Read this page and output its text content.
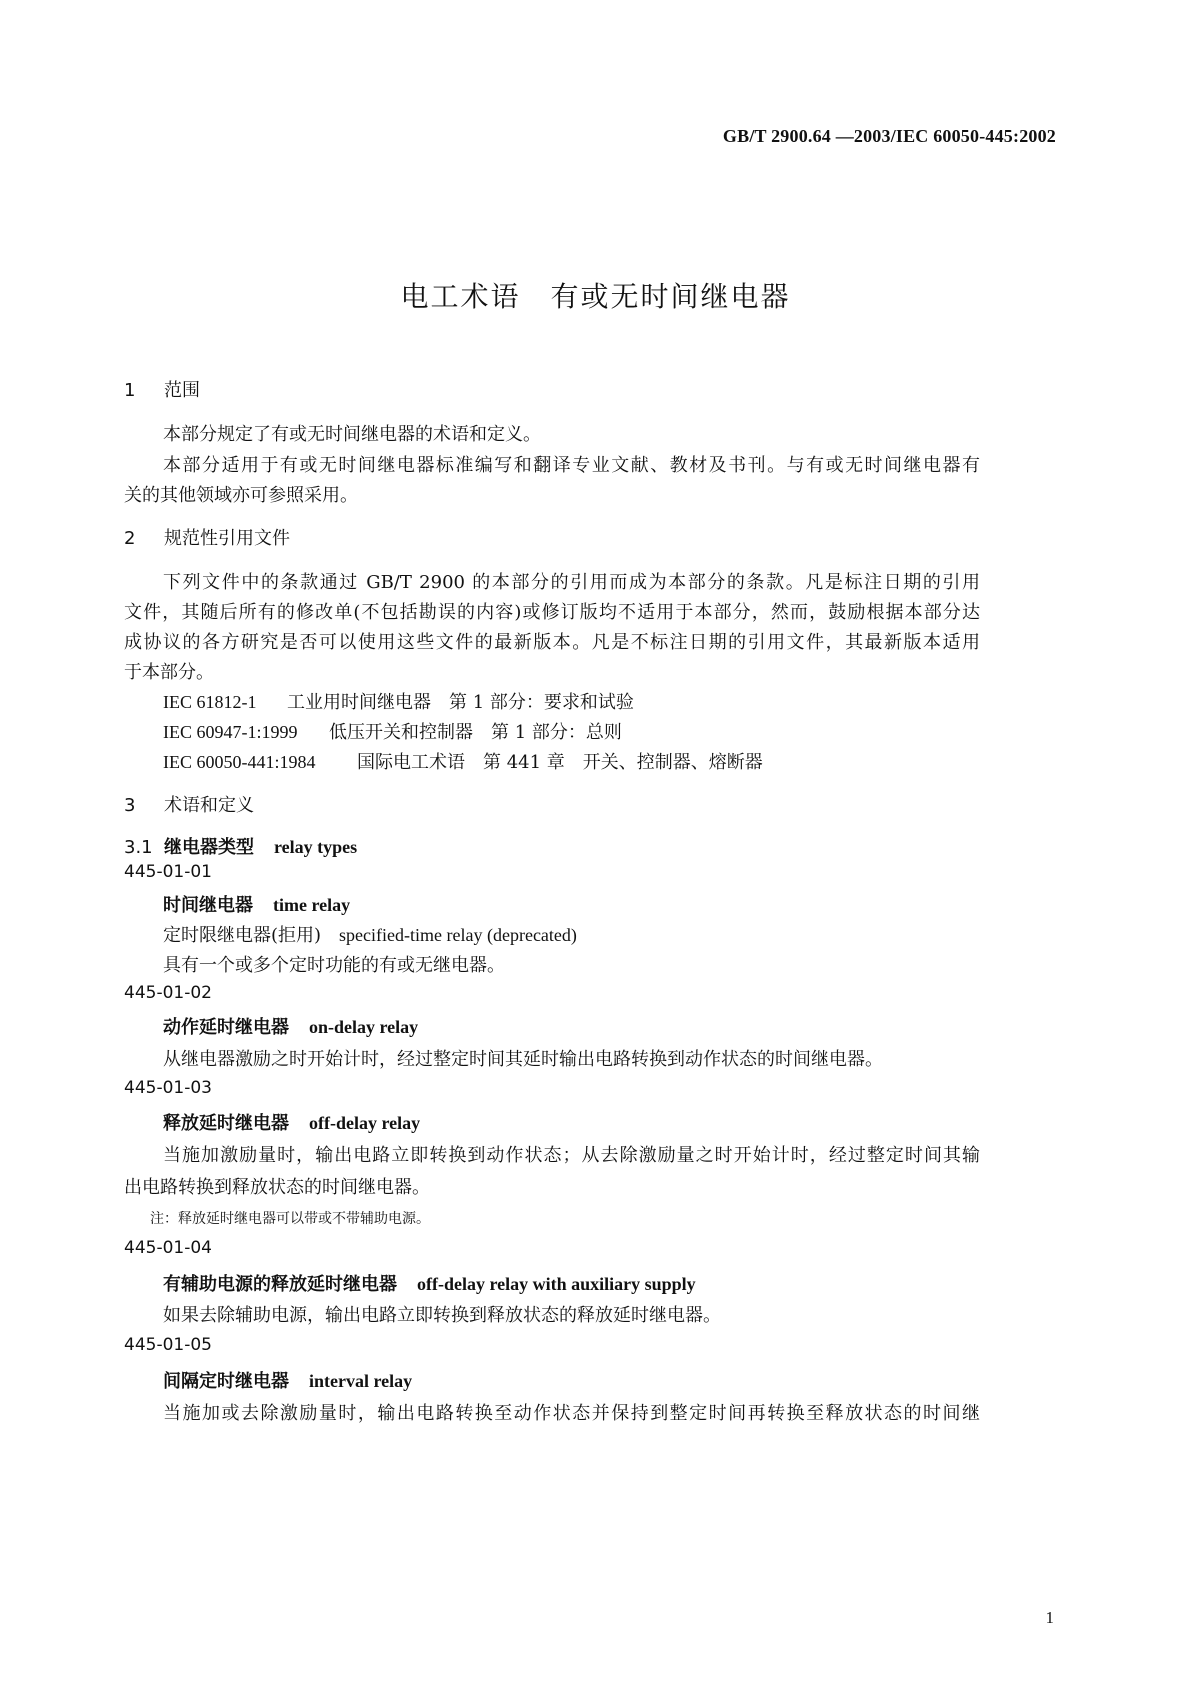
GB/T 2900.64 —2003/IEC 60050-445:2002
电工术语　有或无时间继电器
1 范围
本部分规定了有或无时间继电器的术语和定义。
本部分适用于有或无时间继电器标准编写和翻译专业文献、教材及书刊。与有或无时间继电器有
关的其他领域亦可参照采用。
2 规范性引用文件
下列文件中的条款通过 GB/T 2900 的本部分的引用而成为本部分的条款。凡是标注日期的引用
文件，其随后所有的修改单(不包括勘误的内容)或修订版均不适用于本部分，然而，鼓励根据本部分达
成协议的各方研究是否可以使用这些文件的最新版本。凡是不标注日期的引用文件，其最新版本适用
于本部分。
IEC 61812-1 工业用时间继电器　第 1 部分：要求和试验
IEC 60947-1:1999 低压开关和控制器　第 1 部分：总则
IEC 60050-441:1984 国际电工术语　第 441 章　开关、控制器、熔断器
3 术语和定义
3.1 继电器类型 relay types
445-01-01
时间继电器 time relay
定时限继电器(拒用) specified-time relay (deprecated)
具有一个或多个定时功能的有或无继电器。
445-01-02
动作延时继电器 on-delay relay
从继电器激励之时开始计时，经过整定时间其延时输出电路转换到动作状态的时间继电器。
445-01-03
释放延时继电器 off-delay relay
当施加激励量时，输出电路立即转换到动作状态；从去除激励量之时开始计时，经过整定时间其输
出电路转换到释放状态的时间继电器。
注：释放延时继电器可以带或不带辅助电源。
445-01-04
有辅助电源的释放延时继电器 off-delay relay with auxiliary supply
如果去除辅助电源，输出电路立即转换到释放状态的释放延时继电器。
445-01-05
间隔定时继电器 interval relay
当施加或去除激励量时，输出电路转换至动作状态并保持到整定时间再转换至释放状态的时间继
1
